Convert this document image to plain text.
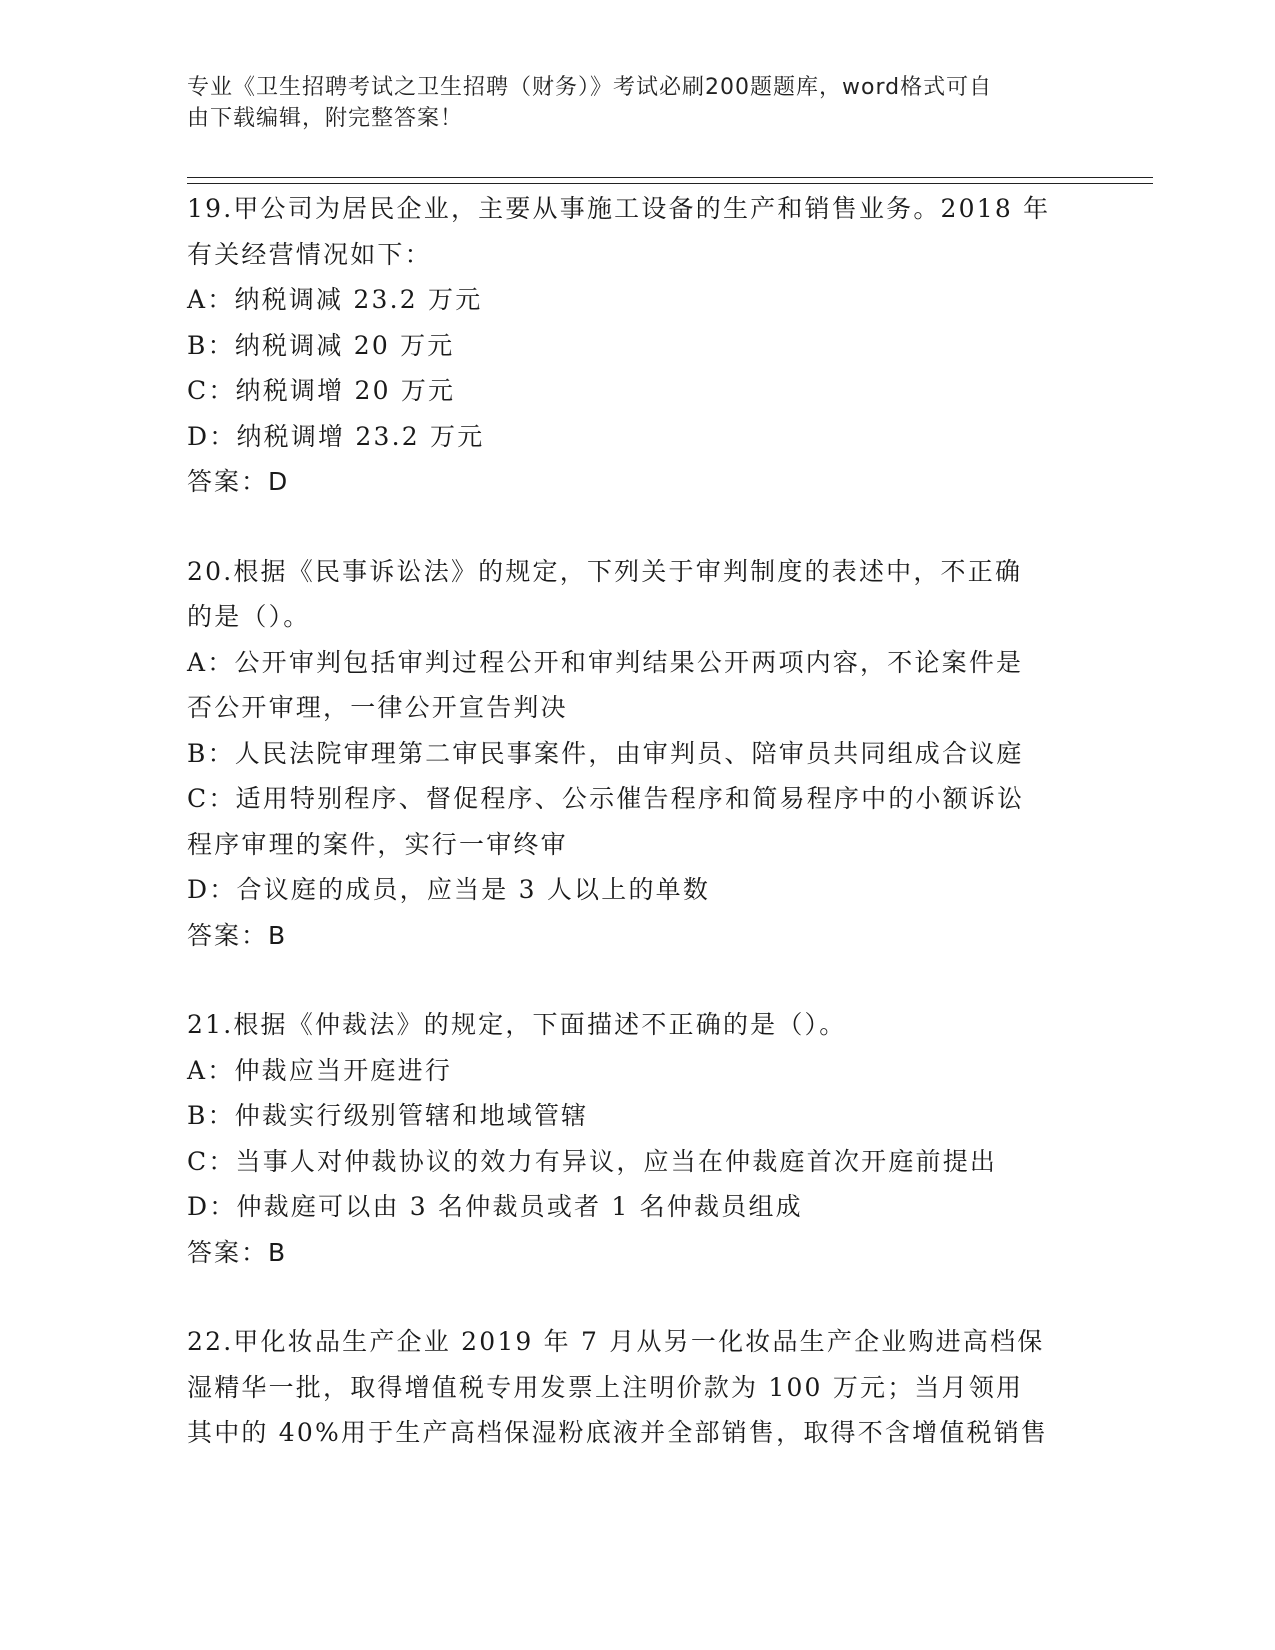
专业《卫生招聘考试之卫生招聘（财务）》考试必刷200题题库，word格式可自
由下载编辑，附完整答案！
19.甲公司为居民企业，主要从事施工设备的生产和销售业务。2018 年
有关经营情况如下：
A：纳税调减 23.2 万元
B：纳税调减 20 万元
C：纳税调增 20 万元
D：纳税调增 23.2 万元
答案：D
20.根据《民事诉讼法》的规定，下列关于审判制度的表述中，不正确
的是（）。
A：公开审判包括审判过程公开和审判结果公开两项内容，不论案件是
否公开审理，一律公开宣告判决
B：人民法院审理第二审民事案件，由审判员、陪审员共同组成合议庭
C：适用特别程序、督促程序、公示催告程序和简易程序中的小额诉讼
程序审理的案件，实行一审终审
D：合议庭的成员，应当是 3 人以上的单数
答案：B
21.根据《仲裁法》的规定，下面描述不正确的是（）。
A：仲裁应当开庭进行
B：仲裁实行级别管辖和地域管辖
C：当事人对仲裁协议的效力有异议，应当在仲裁庭首次开庭前提出
D：仲裁庭可以由 3 名仲裁员或者 1 名仲裁员组成
答案：B
22.甲化妆品生产企业 2019 年 7 月从另一化妆品生产企业购进高档保
湿精华一批，取得增值税专用发票上注明价款为 100 万元；当月领用
其中的 40%用于生产高档保湿粉底液并全部销售，取得不含增值税销售
